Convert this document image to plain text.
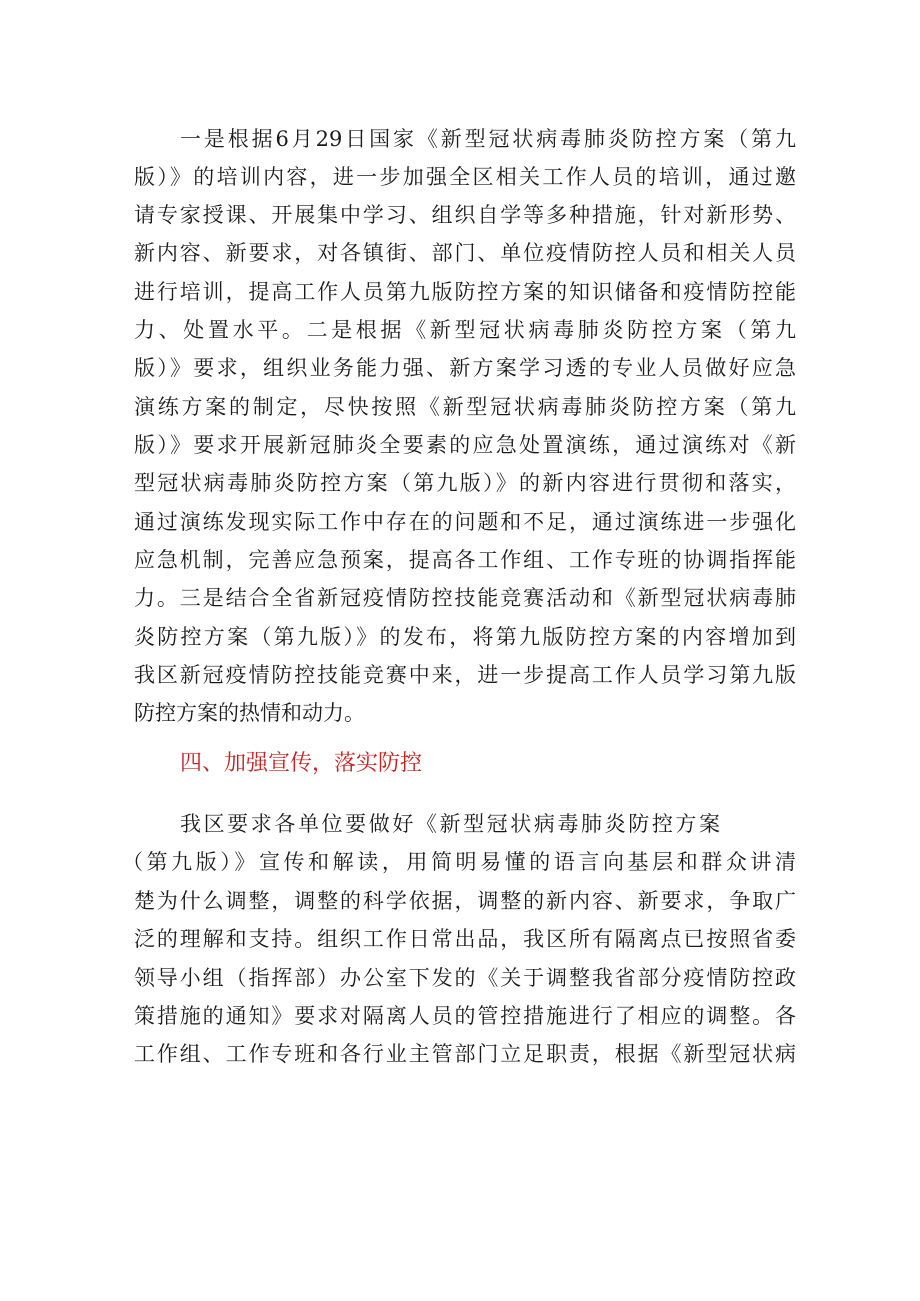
一是根据6月29日国家《新型冠状病毒肺炎防控方案（第九
版）》的培训内容，进一步加强全区相关工作人员的培训，通过邀
请专家授课、开展集中学习、组织自学等多种措施，针对新形势、
新内容、新要求，对各镇街、部门、单位疫情防控人员和相关人员
进行培训，提高工作人员第九版防控方案的知识储备和疫情防控能
力、处置水平。二是根据《新型冠状病毒肺炎防控方案（第九
版）》要求，组织业务能力强、新方案学习透的专业人员做好应急
演练方案的制定，尽快按照《新型冠状病毒肺炎防控方案（第九
版）》要求开展新冠肺炎全要素的应急处置演练，通过演练对《新
型冠状病毒肺炎防控方案（第九版）》的新内容进行贯彻和落实，
通过演练发现实际工作中存在的问题和不足，通过演练进一步强化
应急机制，完善应急预案，提高各工作组、工作专班的协调指挥能
力。三是结合全省新冠疫情防控技能竞赛活动和《新型冠状病毒肺
炎防控方案（第九版）》的发布，将第九版防控方案的内容增加到
我区新冠疫情防控技能竞赛中来，进一步提高工作人员学习第九版
防控方案的热情和动力。
四、加强宣传，落实防控
我区要求各单位要做好《新型冠状病毒肺炎防控方案
（第九版）》宣传和解读，用简明易懂的语言向基层和群众讲清
楚为什么调整，调整的科学依据，调整的新内容、新要求，争取广
泛的理解和支持。组织工作日常出品，我区所有隔离点已按照省委
领导小组（指挥部）办公室下发的《关于调整我省部分疫情防控政
策措施的通知》要求对隔离人员的管控措施进行了相应的调整。各
工作组、工作专班和各行业主管部门立足职责，根据《新型冠状病
